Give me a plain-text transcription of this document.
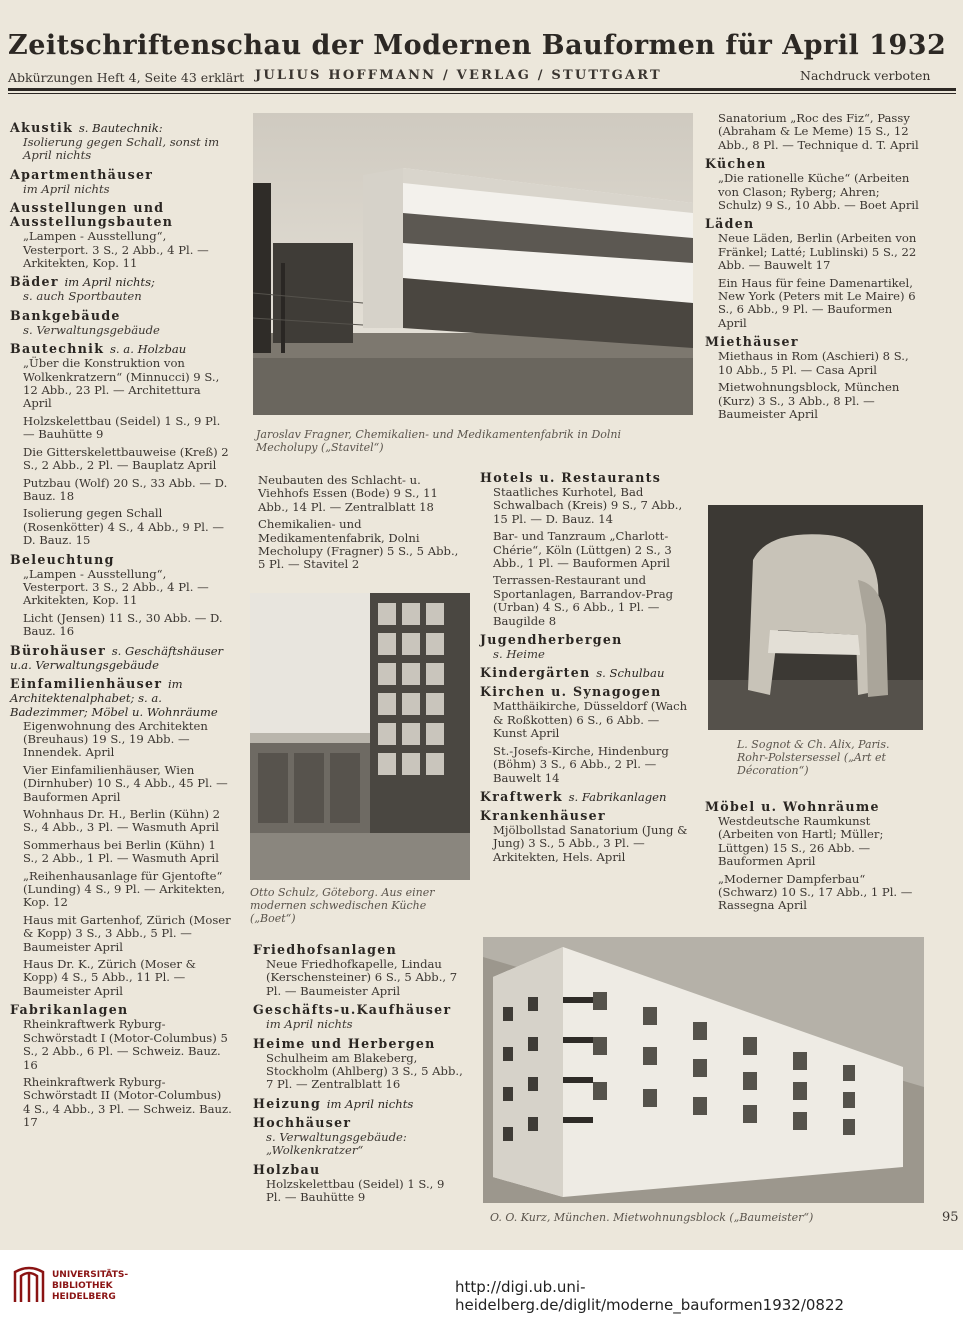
Zeitschriftenschau der Modernen Bauformen für April 1932
Abkürzungen Heft 4, Seite 43 erklärt JULIUS HOFFMANN / VERLAG / STUTTGART	Nachdruck verboten
Akustik s. Bautechnik:

Isolierung gegen Schall, sonst im April nichts

Apartmenthäuser

im April nichts

Ausstellungen und Ausstellungsbauten

„Lampen - Ausstellung“, Vesterport. 3 S., 2 Abb., 4 Pl. — Arkitekten, Kop. 11

Bäder im April nichts;

s. auch Sportbauten

Bankgebäude

s. Verwaltungsgebäude

Bautechnik s. a. Holzbau

„Über die Konstruktion von Wolkenkratzern“ (Minnucci) 9 S., 12 Abb., 23 Pl. — Architettura April

Holzskelettbau (Seidel) 1 S., 9 Pl. — Bauhütte 9

Die Gitterskelettbauweise (Kreß) 2 S., 2 Abb., 2 Pl. — Bauplatz April

Putzbau (Wolf) 20 S., 33 Abb. — D. Bauz. 18

Isolierung gegen Schall (Rosenkötter) 4 S., 4 Abb., 9 Pl. — D. Bauz. 15

Beleuchtung

„Lampen - Ausstellung“, Vesterport. 3 S., 2 Abb., 4 Pl. — Arkitekten, Kop. 11

Licht (Jensen) 11 S., 30 Abb. — D. Bauz. 16

Bürohäuser s. Geschäftshäuser u.a. Verwaltungsgebäude
Einfamilienhäuser im Architektenalphabet; s. a. Badezimmer; Möbel u. Wohnräume

Eigenwohnung des Architekten (Breuhaus) 19 S., 19 Abb. — Innendek. April

Vier Einfamilienhäuser, Wien (Dirnhuber) 10 S., 4 Abb., 45 Pl. — Bauformen April

Wohnhaus Dr. H., Berlin (Kühn) 2 S., 4 Abb., 3 Pl. — Wasmuth April

Sommerhaus bei Berlin (Kühn) 1 S., 2 Abb., 1 Pl. — Wasmuth April

„Reihenhausanlage für Gjentofte“ (Lunding) 4 S., 9 Pl. — Arkitekten, Kop. 12

Haus mit Gartenhof, Zürich (Moser & Kopp) 3 S., 3 Abb., 5 Pl. — Baumeister April

Haus Dr. K., Zürich (Moser & Kopp) 4 S., 5 Abb., 11 Pl. — Baumeister April

Fabrikanlagen

Rheinkraftwerk Ryburg-Schwörstadt I (Motor-Columbus) 5 S., 2 Abb., 6 Pl. — Schweiz. Bauz. 16

Rheinkraftwerk Ryburg-Schwörstadt II (Motor-Columbus) 4 S., 4 Abb., 3 Pl. — Schweiz. Bauz. 17

Jaroslav Fragner, Chemikalien- und Medikamentenfabrik in Dolni Mecholupy („Stavitel“)

Neubauten des Schlacht- u. Viehhofs Essen (Bode) 9 S., 11 Abb., 14 Pl. — Zentralblatt 18

Chemikalien- und Medikamentenfabrik, Dolni Mecholupy (Fragner) 5 S., 5 Abb., 5 Pl. — Stavitel 2

Otto Schulz, Göteborg. Aus einer modernen schwedischen Küche („Boet“)
Friedhofsanlagen

Neue Friedhofkapelle, Lindau (Kerschensteiner) 6 S., 5 Abb., 7 Pl. — Baumeister April

Geschäfts-u.Kaufhäuser

im April nichts

Heime und Herbergen

Schulheim am Blakeberg, Stockholm (Ahlberg) 3 S., 5 Abb., 7 Pl. — Zentralblatt 16

Heizung im April nichts
Hochhäuser

s. Verwaltungsgebäude: „Wolkenkratzer“

Holzbau

Holzskelettbau (Seidel) 1 S., 9 Pl. — Bauhütte 9

Hotels u. Restaurants

Staatliches Kurhotel, Bad Schwalbach (Kreis) 9 S., 7 Abb., 15 Pl. — D. Bauz. 14

Bar- und Tanzraum „Charlott-Chérie“, Köln (Lüttgen) 2 S., 3 Abb., 1 Pl. — Bauformen April

Terrassen-Restaurant und Sportanlagen, Barrandov-Prag (Urban) 4 S., 6 Abb., 1 Pl. — Baugilde 8

Jugendherbergen

s. Heime

Kindergärten s. Schulbau
Kirchen u. Synagogen

Matthäikirche, Düsseldorf (Wach & Roßkotten) 6 S., 6 Abb. — Kunst April

St.-Josefs-Kirche, Hindenburg (Böhm) 3 S., 6 Abb., 2 Pl. — Bauwelt 14

Kraftwerk s. Fabrikanlagen
Krankenhäuser

Mjölbollstad Sanatorium (Jung & Jung) 3 S., 5 Abb., 3 Pl. — Arkitekten, Hels. April

Sanatorium „Roc des Fiz“, Passy (Abraham & Le Meme) 15 S., 12 Abb., 8 Pl. — Technique d. T. April

Küchen

„Die rationelle Küche“ (Arbeiten von Clason; Ryberg; Ahren; Schulz) 9 S., 10 Abb. — Boet April

Läden

Neue Läden, Berlin (Arbeiten von Fränkel; Latté; Lublinski) 5 S., 22 Abb. — Bauwelt 17

Ein Haus für feine Damenartikel, New York (Peters mit Le Maire) 6 S., 6 Abb., 9 Pl. — Bauformen April

Miethäuser

Miethaus in Rom (Aschieri) 8 S., 10 Abb., 5 Pl. — Casa April

Mietwohnungsblock, München (Kurz) 3 S., 3 Abb., 8 Pl. — Baumeister April

L. Sognot & Ch. Alix, Paris. Rohr-Polstersessel („Art et Décoration“)
Möbel u. Wohnräume

Westdeutsche Raumkunst (Arbeiten von Hartl; Müller; Lüttgen) 15 S., 26 Abb. — Bauformen April

„Moderner Dampferbau“ (Schwarz) 10 S., 17 Abb., 1 Pl. — Rassegna April

O. O. Kurz, München. Mietwohnungsblock („Baumeister“)	95
UNIVERSITÄTS-
BIBLIOTHEK
HEIDELBERG
http://digi.ub.uni-heidelberg.de/diglit/moderne_bauformen1932/0822
